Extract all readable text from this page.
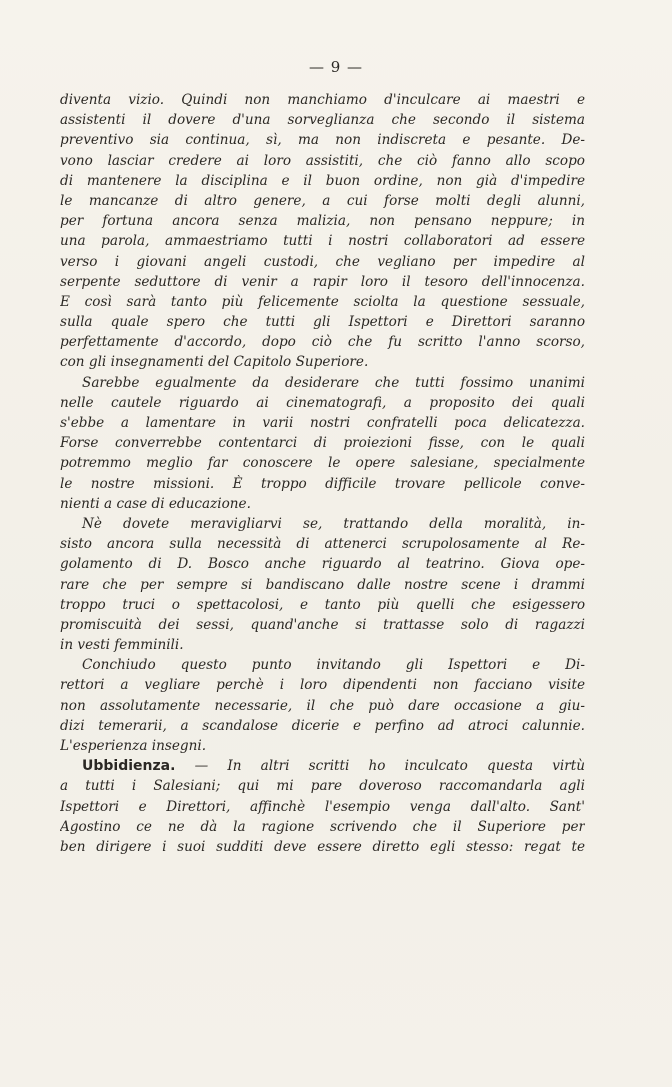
— 9 —
diventa vizio. Quindi non manchiamo d'inculcare ai maestri e
assistenti il dovere d'una sorveglianza che secondo il sistema
preventivo sia continua, sì, ma non indiscreta e pesante. De-
vono lasciar credere ai loro assistiti, che ciò fanno allo scopo
di mantenere la disciplina e il buon ordine, non già d'impedire
le mancanze di altro genere, a cui forse molti degli alunni,
per fortuna ancora senza malizia, non pensano neppure; in
una parola, ammaestriamo tutti i nostri collaboratori ad essere
verso i giovani angeli custodi, che vegliano per impedire al
serpente seduttore di venir a rapir loro il tesoro dell'innocenza.
E così sarà tanto più felicemente sciolta la questione sessuale,
sulla quale spero che tutti gli Ispettori e Direttori saranno
perfettamente d'accordo, dopo ciò che fu scritto l'anno scorso,
con gli insegnamenti del Capitolo Superiore.
Sarebbe egualmente da desiderare che tutti fossimo unanimi
nelle cautele riguardo ai cinematografi, a proposito dei quali
s'ebbe a lamentare in varii nostri confratelli poca delicatezza.
Forse converrebbe contentarci di proiezioni fisse, con le quali
potremmo meglio far conoscere le opere salesiane, specialmente
le nostre missioni. È troppo difficile trovare pellicole conve-
nienti a case di educazione.
Nè dovete meravigliarvi se, trattando della moralità, in-
sisto ancora sulla necessità di attenerci scrupolosamente al Re-
golamento di D. Bosco anche riguardo al teatrino. Giova ope-
rare che per sempre si bandiscano dalle nostre scene i drammi
troppo truci o spettacolosi, e tanto più quelli che esigessero
promiscuità dei sessi, quand'anche si trattasse solo di ragazzi
in vesti femminili.
Conchiudo questo punto invitando gli Ispettori e Di-
rettori a vegliare perchè i loro dipendenti non facciano visite
non assolutamente necessarie, il che può dare occasione a giu-
dizi temerarii, a scandalose dicerie e perfino ad atroci calunnie.
L'esperienza insegni.
Ubbidienza. — In altri scritti ho inculcato questa virtù
a tutti i Salesiani; qui mi pare doveroso raccomandarla agli
Ispettori e Direttori, affinchè l'esempio venga dall'alto. Sant'
Agostino ce ne dà la ragione scrivendo che il Superiore per
ben dirigere i suoi sudditi deve essere diretto egli stesso: regat te
